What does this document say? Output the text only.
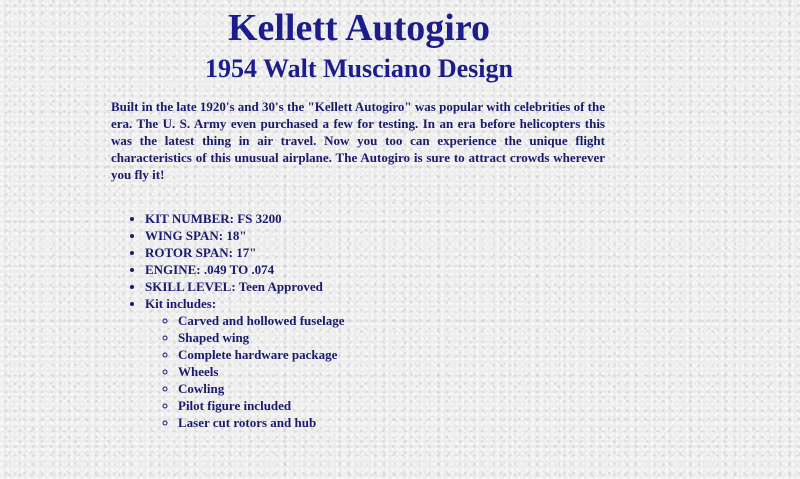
Kellett Autogiro
1954 Walt Musciano Design

Built in the late 1920's and 30's the "Kellett Autogiro" was popular with celebrities of the era. The U. S. Army even purchased a few for testing. In an era before helicopters this was the latest thing in air travel. Now you too can experience the unique flight characteristics of this unusual airplane. The Autogiro is sure to attract crowds wherever you fly it!

• KIT NUMBER: FS 3200
• WING SPAN: 18"
• ROTOR SPAN: 17"
• ENGINE: .049 TO .074
• SKILL LEVEL: Teen Approved
• Kit includes:
◦ Carved and hollowed fuselage
◦ Shaped wing
◦ Complete hardware package
◦ Wheels
◦ Cowling
◦ Pilot figure included
◦ Laser cut rotors and hub
